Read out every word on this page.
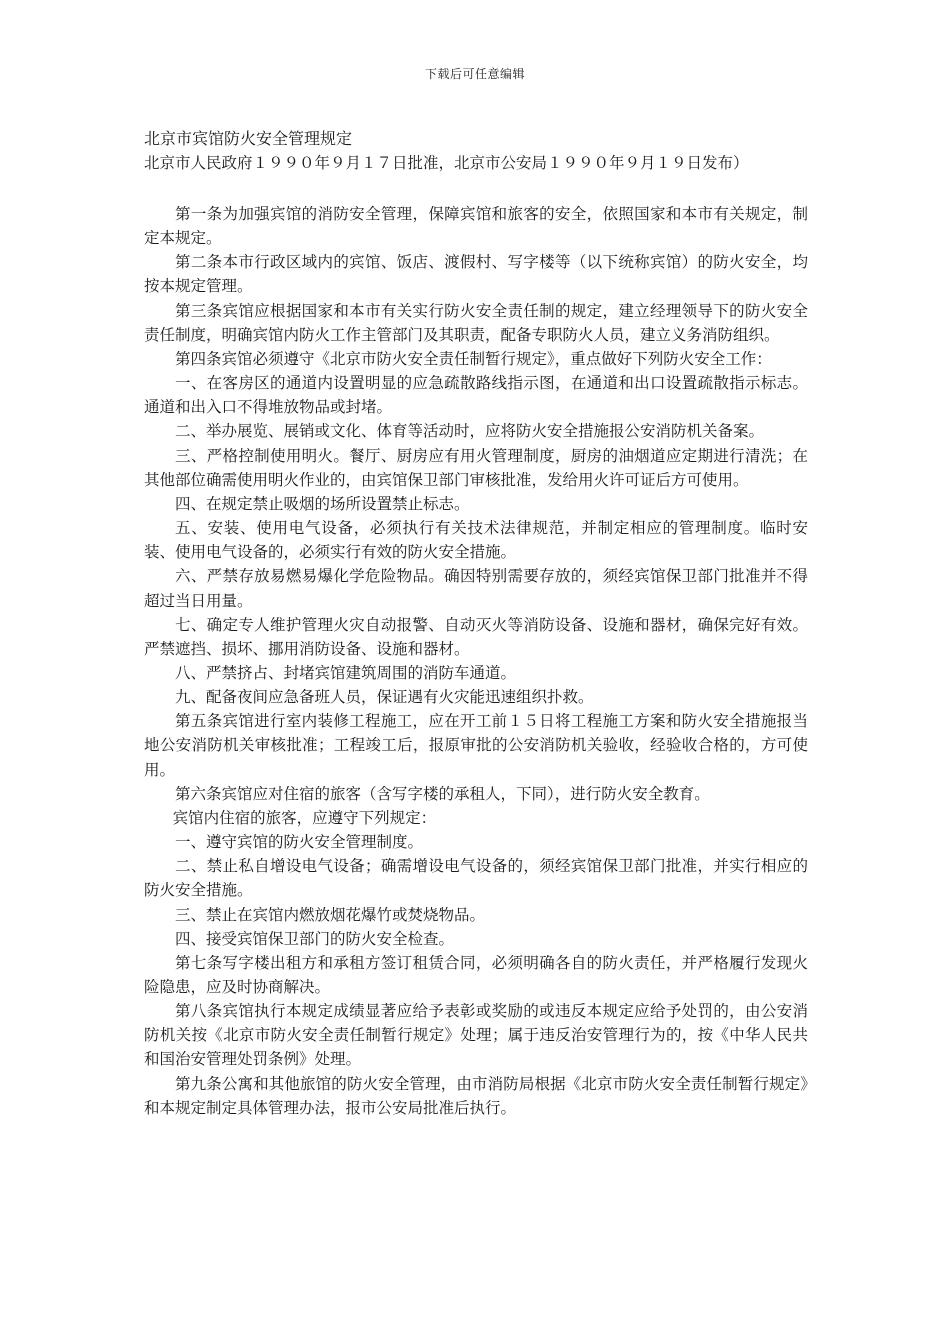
下载后可任意编辑
北京市宾馆防火安全管理规定
北京市人民政府１９９０年９月１７日批准，北京市公安局１９９０年９月１９日发布）

第一条为加强宾馆的消防安全管理，保障宾馆和旅客的安全，依照国家和本市有关规定，制定本规定。

第二条本市行政区域内的宾馆、饭店、渡假村、写字楼等（以下统称宾馆）的防火安全，均按本规定管理。

第三条宾馆应根据国家和本市有关实行防火安全责任制的规定，建立经理领导下的防火安全责任制度，明确宾馆内防火工作主管部门及其职责，配备专职防火人员，建立义务消防组织。

第四条宾馆必须遵守《北京市防火安全责任制暂行规定》，重点做好下列防火安全工作：

一、在客房区的通道内设置明显的应急疏散路线指示图，在通道和出口设置疏散指示标志。通道和出入口不得堆放物品或封堵。

二、举办展览、展销或文化、体育等活动时，应将防火安全措施报公安消防机关备案。

三、严格控制使用明火。餐厅、厨房应有用火管理制度，厨房的油烟道应定期进行清洗；在其他部位确需使用明火作业的，由宾馆保卫部门审核批准，发给用火许可证后方可使用。

四、在规定禁止吸烟的场所设置禁止标志。

五、安装、使用电气设备，必须执行有关技术法律规范，并制定相应的管理制度。临时安装、使用电气设备的，必须实行有效的防火安全措施。

六、严禁存放易燃易爆化学危险物品。确因特别需要存放的，须经宾馆保卫部门批准并不得超过当日用量。

七、确定专人维护管理火灾自动报警、自动灭火等消防设备、设施和器材，确保完好有效。严禁遮挡、损坏、挪用消防设备、设施和器材。

八、严禁挤占、封堵宾馆建筑周围的消防车通道。

九、配备夜间应急备班人员，保证遇有火灾能迅速组织扑救。

第五条宾馆进行室内装修工程施工，应在开工前１５日将工程施工方案和防火安全措施报当地公安消防机关审核批准；工程竣工后，报原审批的公安消防机关验收，经验收合格的，方可使用。

第六条宾馆应对住宿的旅客（含写字楼的承租人，下同），进行防火安全教育。

宾馆内住宿的旅客，应遵守下列规定：

一、遵守宾馆的防火安全管理制度。

二、禁止私自增设电气设备；确需增设电气设备的，须经宾馆保卫部门批准，并实行相应的防火安全措施。

三、禁止在宾馆内燃放烟花爆竹或焚烧物品。

四、接受宾馆保卫部门的防火安全检查。

第七条写字楼出租方和承租方签订租赁合同，必须明确各自的防火责任，并严格履行发现火险隐患，应及时协商解决。

第八条宾馆执行本规定成绩显著应给予表彰或奖励的或违反本规定应给予处罚的，由公安消防机关按《北京市防火安全责任制暂行规定》处理；属于违反治安管理行为的，按《中华人民共和国治安管理处罚条例》处理。

第九条公寓和其他旅馆的防火安全管理，由市消防局根据《北京市防火安全责任制暂行规定》和本规定制定具体管理办法，报市公安局批准后执行。
